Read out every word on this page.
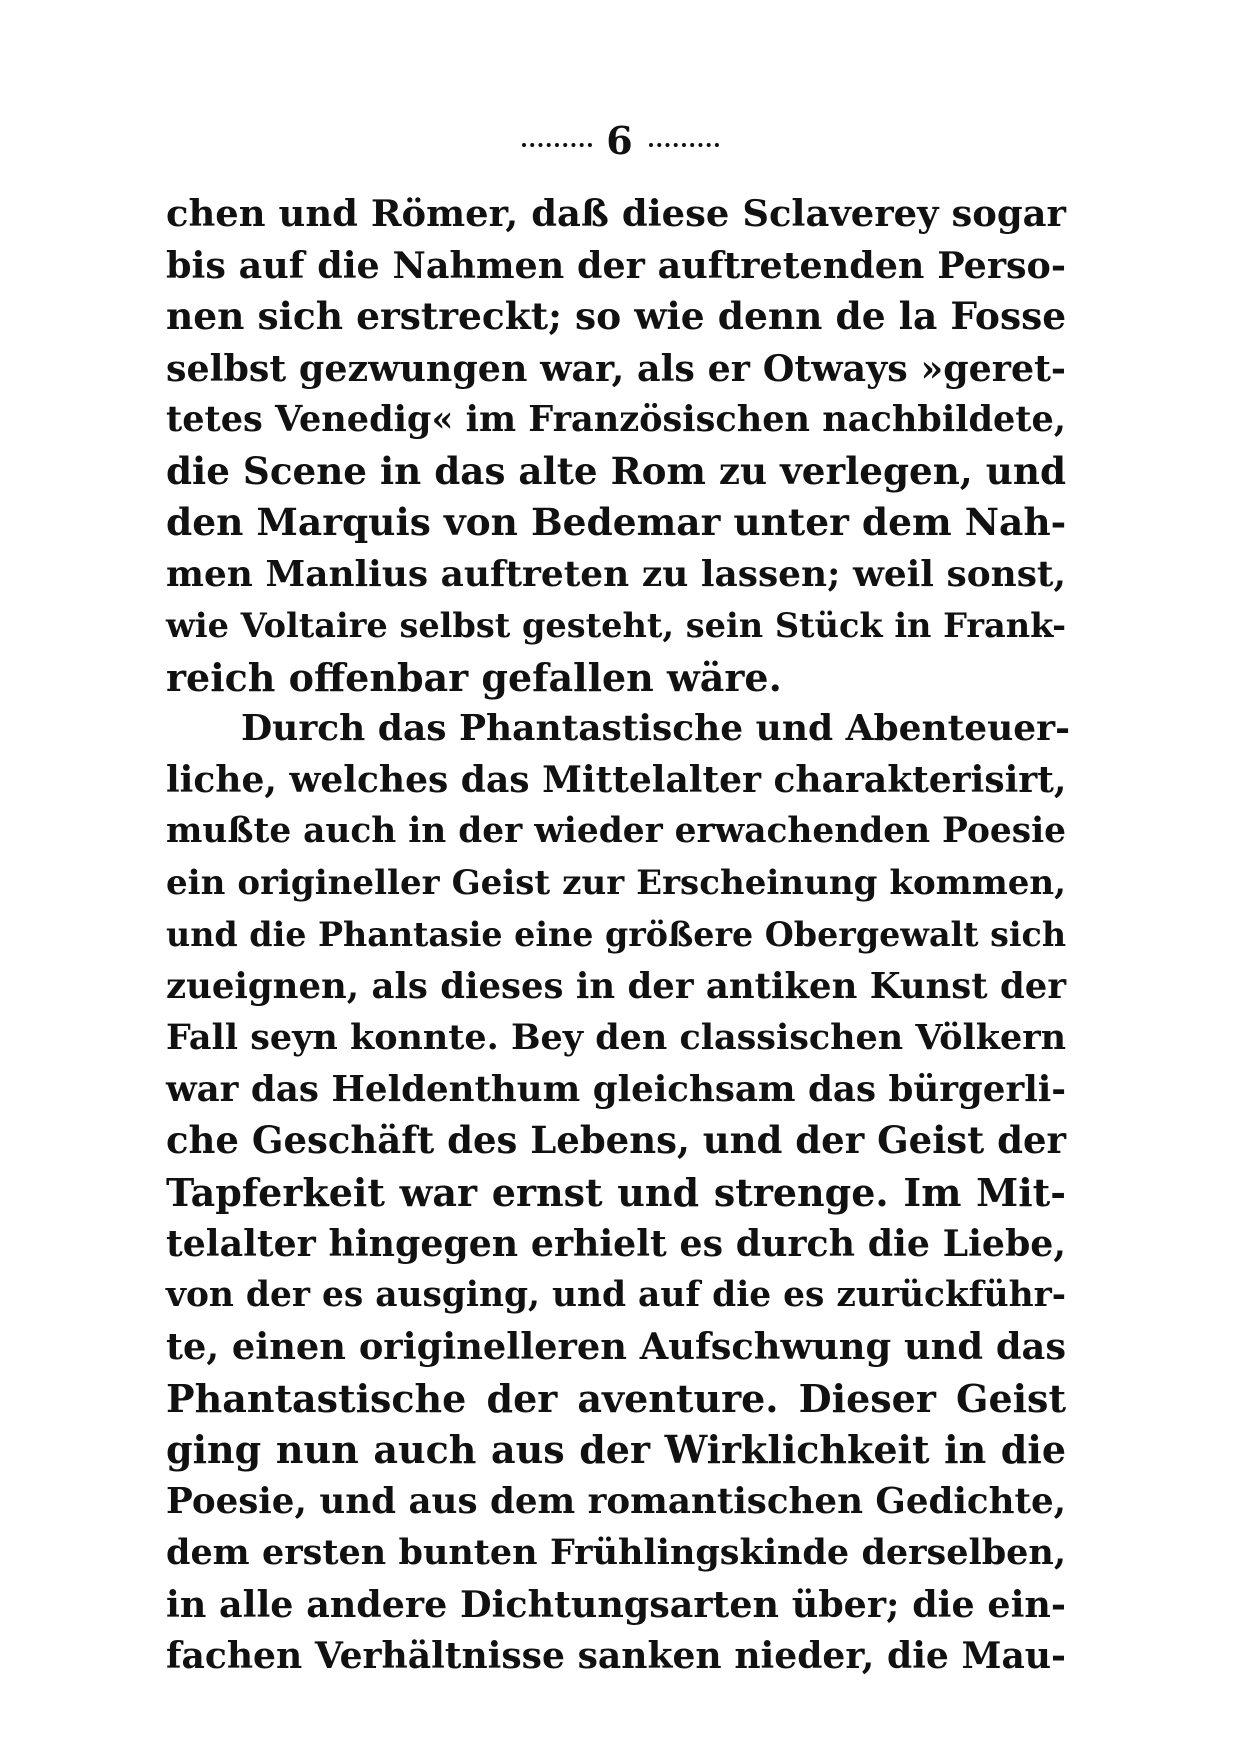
6
chen und Römer, daß diese Sclaverey sogar
bis auf die Nahmen der auftretenden Perso-
nen sich erstreckt; so wie denn de la Fosse
selbst gezwungen war, als er Otways »geret-
tetes Venedig« im Französischen nachbildete,
die Scene in das alte Rom zu verlegen, und
den Marquis von Bedemar unter dem Nah-
men Manlius auftreten zu lassen; weil sonst,
wie Voltaire selbst gesteht, sein Stück in Frank-
reich offenbar gefallen wäre.
Durch das Phantastische und Abenteuer-
liche, welches das Mittelalter charakterisirt,
mußte auch in der wieder erwachenden Poesie
ein origineller Geist zur Erscheinung kommen,
und die Phantasie eine größere Obergewalt sich
zueignen, als dieses in der antiken Kunst der
Fall seyn konnte. Bey den classischen Völkern
war das Heldenthum gleichsam das bürgerli-
che Geschäft des Lebens, und der Geist der
Tapferkeit war ernst und strenge. Im Mit-
telalter hingegen erhielt es durch die Liebe,
von der es ausging, und auf die es zurückführ-
te, einen originelleren Aufschwung und das
Phantastische der aventure. Dieser Geist
ging nun auch aus der Wirklichkeit in die
Poesie, und aus dem romantischen Gedichte,
dem ersten bunten Frühlingskinde derselben,
in alle andere Dichtungsarten über; die ein-
fachen Verhältnisse sanken nieder, die Mau-
